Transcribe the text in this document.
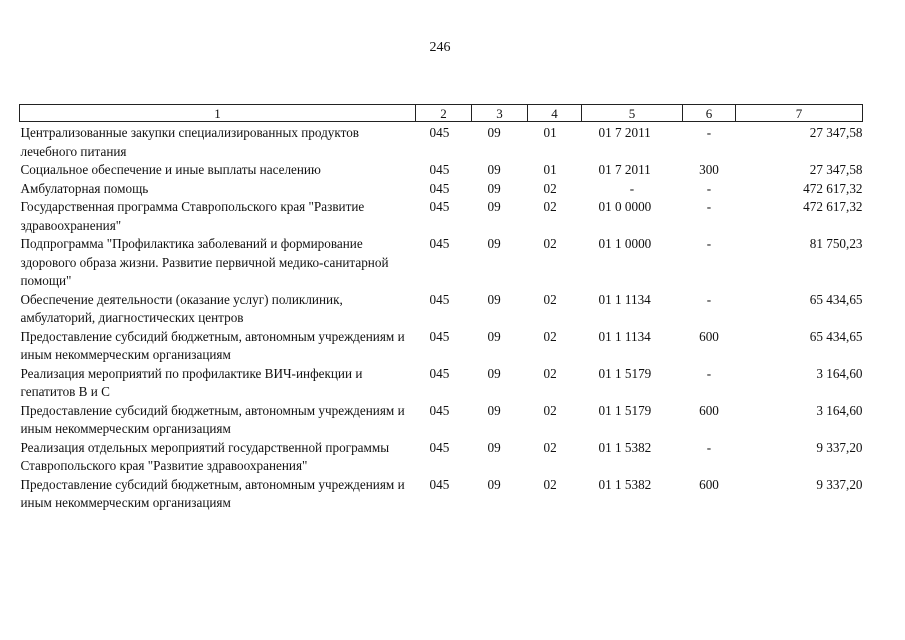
246
1	2	3	4	5	6	7
Централизованные закупки специализированных продуктов лечебного питания	045	09	01	01 7 2011	-	27 347,58
Социальное обеспечение и иные выплаты населению	045	09	01	01 7 2011	300	27 347,58
Амбулаторная помощь	045	09	02	-	-	472 617,32
Государственная программа Ставропольского края "Развитие здравоохранения"	045	09	02	01 0 0000	-	472 617,32
Подпрограмма "Профилактика заболеваний и формирование здорового образа жизни. Развитие первичной медико-санитарной помощи"	045	09	02	01 1 0000	-	81 750,23
Обеспечение деятельности (оказание услуг) поликлиник, амбулаторий, диагностических центров	045	09	02	01 1 1134	-	65 434,65
Предоставление субсидий бюджетным, автономным учреждениям и иным некоммерческим организациям	045	09	02	01 1 1134	600	65 434,65
Реализация мероприятий по профилактике ВИЧ-инфекции и гепатитов В и С	045	09	02	01 1 5179	-	3 164,60
Предоставление субсидий бюджетным, автономным учреждениям и иным некоммерческим организациям	045	09	02	01 1 5179	600	3 164,60
Реализация отдельных мероприятий государственной программы Ставропольского края "Развитие здравоохранения"	045	09	02	01 1 5382	-	9 337,20
Предоставление субсидий бюджетным, автономным учреждениям и иным некоммерческим организациям	045	09	02	01 1 5382	600	9 337,20
